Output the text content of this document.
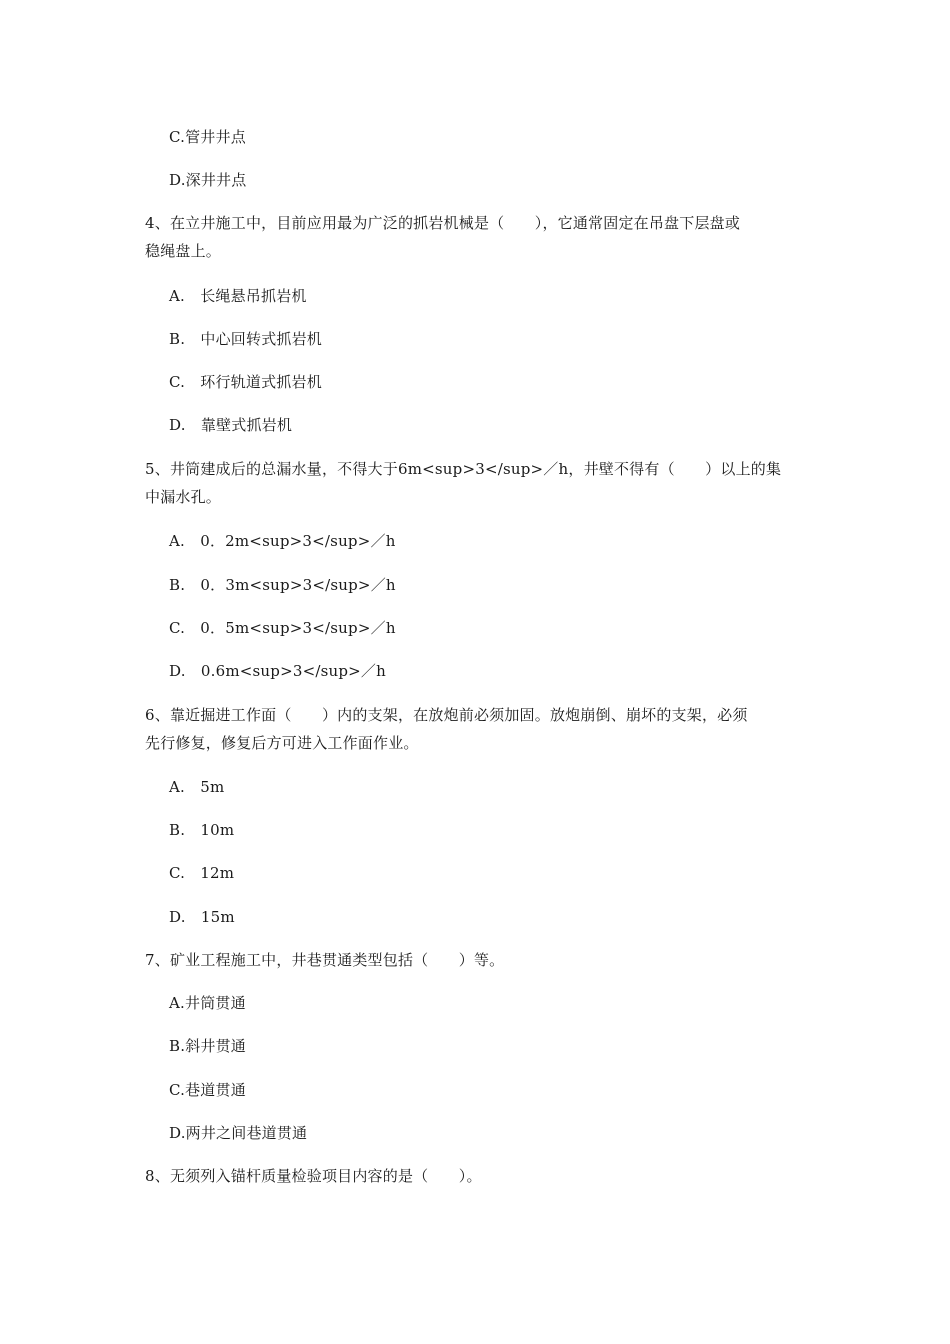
C.管井井点
D.深井井点
4、在立井施工中，目前应用最为广泛的抓岩机械是（　　），它通常固定在吊盘下层盘或
稳绳盘上。
A.　长绳悬吊抓岩机
B.　中心回转式抓岩机
C.　环行轨道式抓岩机
D.　靠壁式抓岩机
5、井筒建成后的总漏水量，不得大于6m<sup>3</sup>／h，井壁不得有（　　）以上的集
中漏水孔。
A.　0．2m<sup>3</sup>／h
B.　0．3m<sup>3</sup>／h
C.　0．5m<sup>3</sup>／h
D.　0.6m<sup>3</sup>／h
6、靠近掘进工作面（　　）内的支架，在放炮前必须加固。放炮崩倒、崩坏的支架，必须
先行修复，修复后方可进入工作面作业。
A.　5m
B.　10m
C.　12m
D.　15m
7、矿业工程施工中，井巷贯通类型包括（　　）等。
A.井筒贯通
B.斜井贯通
C.巷道贯通
D.两井之间巷道贯通
8、无须列入锚杆质量检验项目内容的是（　　）。
